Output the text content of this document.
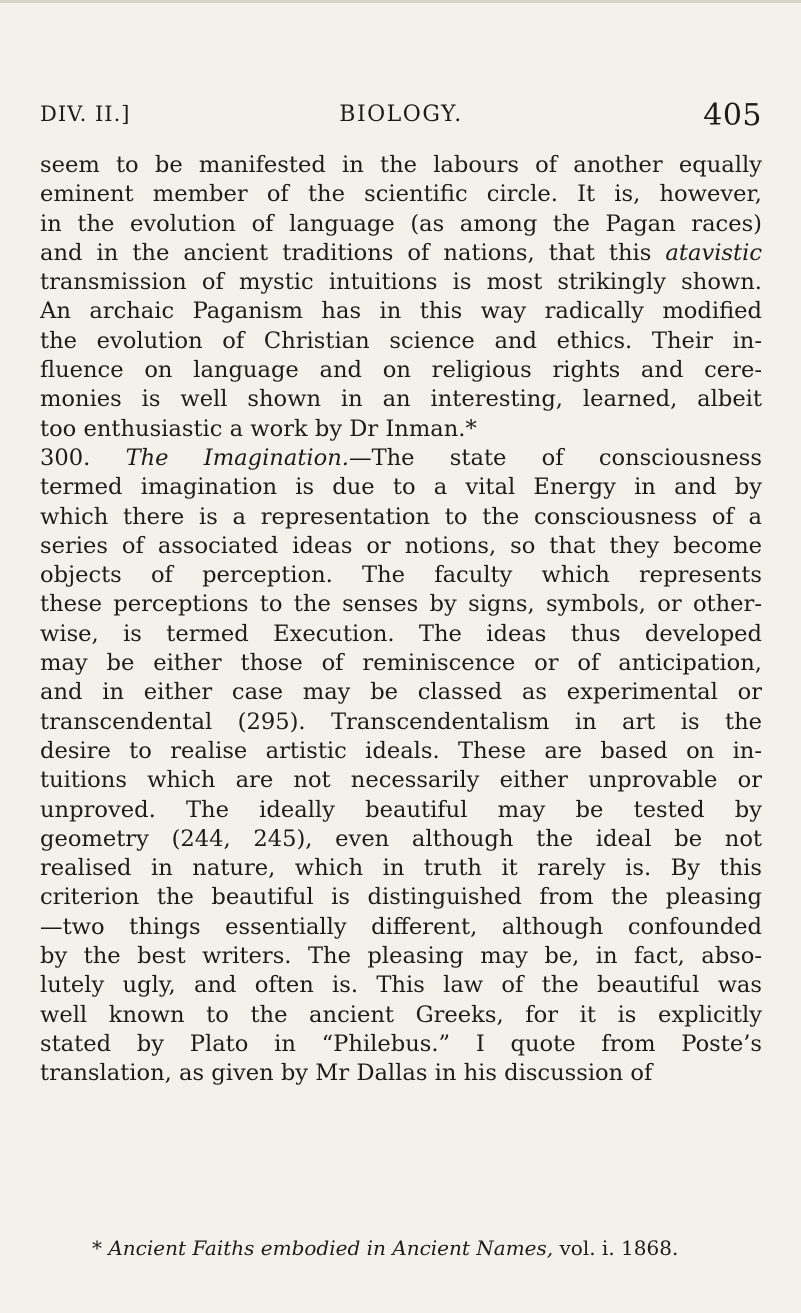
DIV. II.]	BIOLOGY.	405
seem to be manifested in the labours of another equally
eminent member of the scientific circle. It is, however,
in the evolution of language (as among the Pagan races)
and in the ancient traditions of nations, that this atavistic
transmission of mystic intuitions is most strikingly shown.
An archaic Paganism has in this way radically modified
the evolution of Christian science and ethics. Their in-
fluence on language and on religious rights and cere-
monies is well shown in an interesting, learned, albeit
too enthusiastic a work by Dr Inman.*
300. The Imagination.—The state of consciousness
termed imagination is due to a vital Energy in and by
which there is a representation to the consciousness of a
series of associated ideas or notions, so that they become
objects of perception. The faculty which represents
these perceptions to the senses by signs, symbols, or other-
wise, is termed Execution. The ideas thus developed
may be either those of reminiscence or of anticipation,
and in either case may be classed as experimental or
transcendental (295). Transcendentalism in art is the
desire to realise artistic ideals. These are based on in-
tuitions which are not necessarily either unprovable or
unproved. The ideally beautiful may be tested by
geometry (244, 245), even although the ideal be not
realised in nature, which in truth it rarely is. By this
criterion the beautiful is distinguished from the pleasing
—two things essentially different, although confounded
by the best writers. The pleasing may be, in fact, abso-
lutely ugly, and often is. This law of the beautiful was
well known to the ancient Greeks, for it is explicitly
stated by Plato in “Philebus.” I quote from Poste’s
translation, as given by Mr Dallas in his discussion of
* Ancient Faiths embodied in Ancient Names, vol. i. 1868.
